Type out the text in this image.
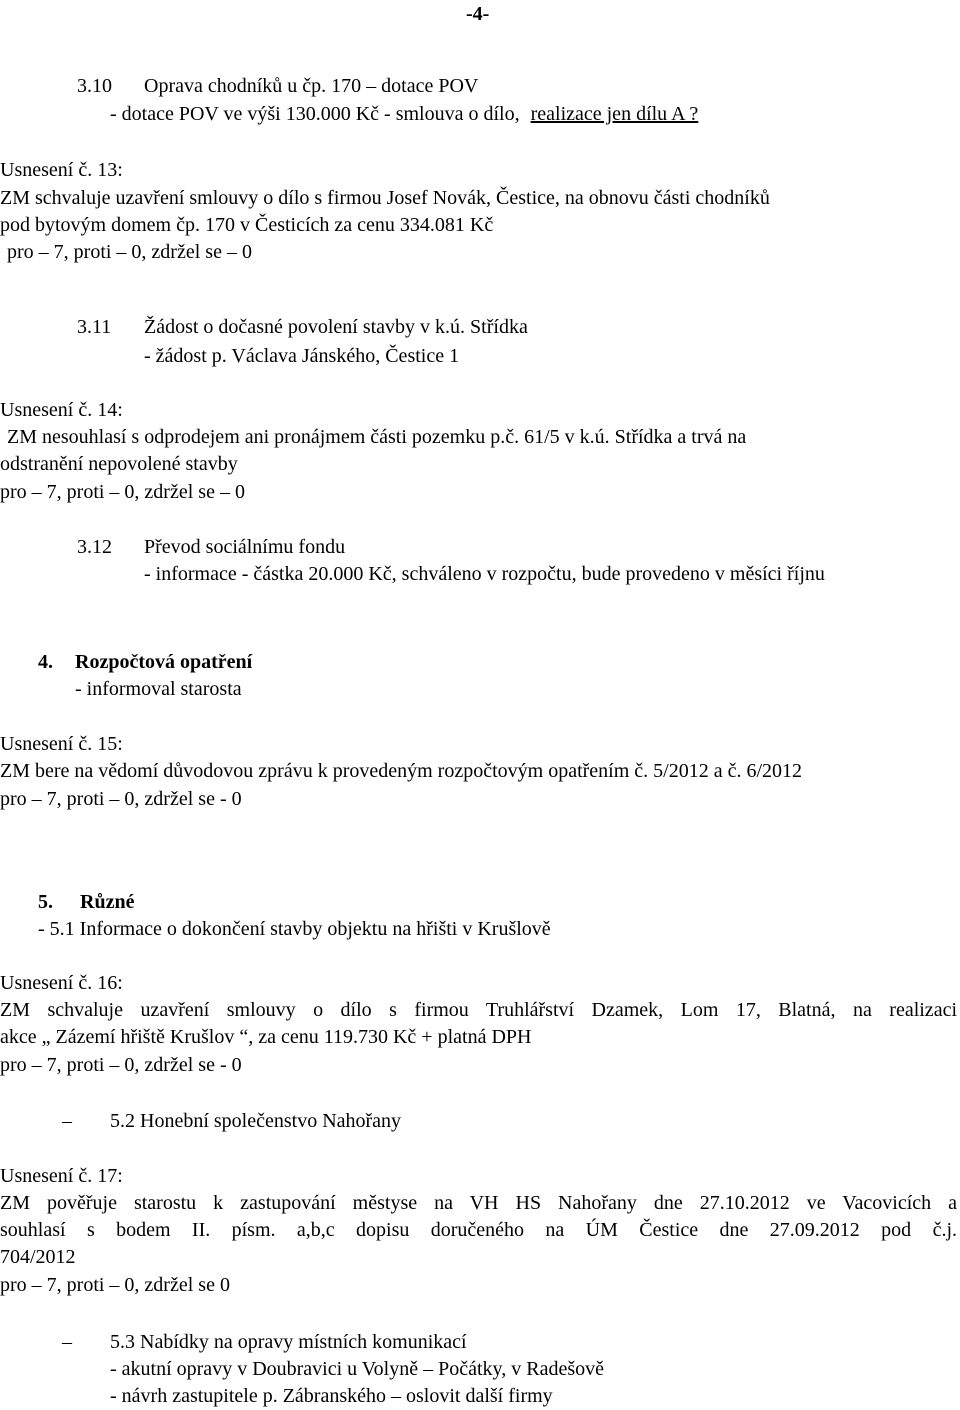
-4-
3.10 Oprava chodníků u čp. 170 – dotace POV
- dotace POV ve výši 130.000 Kč - smlouva o dílo, realizace jen dílu A ?
Usnesení č. 13:
ZM schvaluje uzavření smlouvy o dílo s firmou Josef Novák, Čestice, na obnovu části chodníků
pod bytovým domem čp. 170 v Česticích za cenu 334.081 Kč
pro – 7, proti – 0, zdržel se – 0
3.11 Žádost o dočasné povolení stavby v k.ú. Střídka
- žádost p. Václava Jánského, Čestice 1
Usnesení č. 14:
ZM nesouhlasí s odprodejem ani pronájmem části pozemku p.č. 61/5 v k.ú. Střídka a trvá na
odstranění nepovolené stavby
pro – 7, proti – 0, zdržel se – 0
3.12 Převod sociálnímu fondu
- informace - částka 20.000 Kč, schváleno v rozpočtu, bude provedeno v měsíci říjnu
4. Rozpočtová opatření
- informoval starosta
Usnesení č. 15:
ZM bere na vědomí důvodovou zprávu k provedeným rozpočtovým opatřením č. 5/2012 a č. 6/2012
pro – 7, proti – 0, zdržel se - 0
5. Různé
- 5.1 Informace o dokončení stavby objektu na hřišti v Krušlově
Usnesení č. 16:
ZM schvaluje uzavření smlouvy o dílo s firmou Truhlářství Dzamek, Lom 17, Blatná, na realizaci
akce „ Zázemí hřiště Krušlov “, za cenu 119.730 Kč + platná DPH
pro – 7, proti – 0, zdržel se - 0
– 5.2 Honební společenstvo Nahořany
Usnesení č. 17:
ZM pověřuje starostu k zastupování městyse na VH HS Nahořany dne 27.10.2012 ve Vacovicích a
souhlasí s bodem II. písm. a,b,c dopisu doručeného na ÚM Čestice dne 27.09.2012 pod č.j.
704/2012
pro – 7, proti – 0, zdržel se 0
– 5.3 Nabídky na opravy místních komunikací
- akutní opravy v Doubravici u Volyně – Počátky, v Radešově
- návrh zastupitele p. Zábranského – oslovit další firmy
